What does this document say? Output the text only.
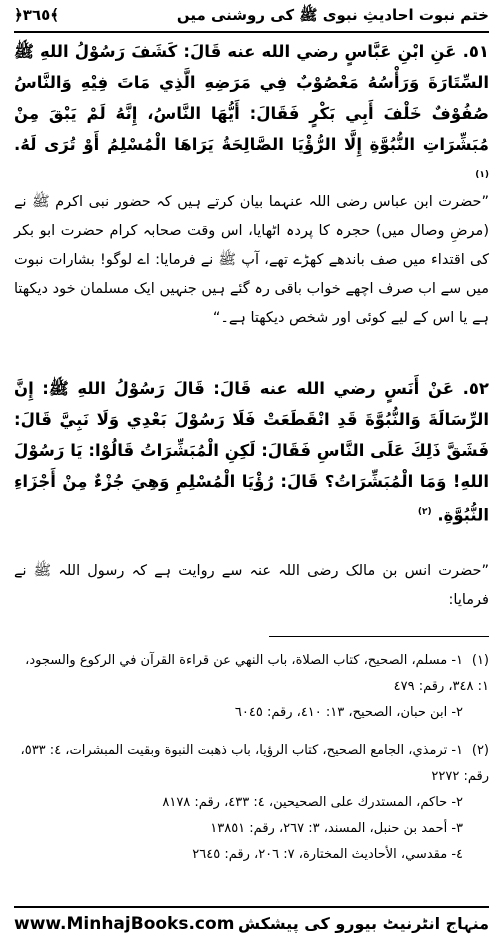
ختم نبوت احادیثِ نبوی ﷺ کی روشنی میں
﴿٣٦٥﴾
٥١. عَنِ ابْنِ عَبَّاسٍ رضي الله عنه قَالَ: كَشَفَ رَسُوْلُ اللهِ ﷺ السِّتَارَةَ وَرَأْسُهُ مَعْصُوْبٌ فِي مَرَضِهِ الَّذِي مَاتَ فِيْهِ وَالنَّاسُ صُفُوْفٌ خَلْفَ أَبِي بَكْرٍ فَقَالَ: أَيُّهَا النَّاسُ، إِنَّهُ لَمْ يَبْقَ مِنْ مُبَشِّرَاتِ النُّبُوَّةِ إِلَّا الرُّؤْيَا الصَّالِحَةُ يَرَاهَا الْمُسْلِمُ أَوْ تُرَى لَهُ. $^{(١)}$
”حضرت ابن عباس رضی اللہ عنہما بیان کرتے ہیں کہ حضور نبی اکرم ﷺ نے (مرضِ وصال میں) حجرہ کا پردہ اٹھایا، اس وقت صحابہ کرام حضرت ابو بکر کی اقتداء میں صف باندھے کھڑے تھے، آپ ﷺ نے فرمایا: اے لوگو! بشارات نبوت میں سے اب صرف اچھے خواب باقی رہ گئے ہیں جنہیں ایک مسلمان خود دیکھتا ہے یا اس کے لیے کوئی اور شخص دیکھتا ہے۔“
٥٢. عَنْ أَنَسٍ رضي الله عنه قَالَ: قَالَ رَسُوْلُ اللهِ ﷺ: إِنَّ الرِّسَالَةَ وَالنُّبُوَّةَ قَدِ انْقَطَعَتْ فَلَا رَسُوْلَ بَعْدِي وَلَا نَبِيَّ قَالَ: فَشَقَّ ذَلِكَ عَلَى النَّاسِ فَقَالَ: لَكِنِ الْمُبَشِّرَاتُ قَالُوْا: يَا رَسُوْلَ اللهِ! وَمَا الْمُبَشِّرَاتُ؟ قَالَ: رُؤْيَا الْمُسْلِمِ وَهِيَ جُزْءٌ مِنْ أَجْزَاءِ النُّبُوَّةِ. $^{(٢)}$
”حضرت انس بن مالک رضی اللہ عنہ سے روایت ہے کہ رسول اللہ ﷺ نے فرمایا:
(١)١- مسلم، الصحيح، كتاب الصلاة، باب النهي عن قراءة القرآن في الركوع والسجود، ١: ٣٤٨، رقم: ٤٧٩
٢- ابن حبان، الصحيح، ١٣: ٤١٠، رقم: ٦٠٤٥
(٢)١- ترمذي، الجامع الصحيح، كتاب الرؤيا، باب ذهبت النبوة وبقيت المبشرات، ٤: ٥٣٣، رقم: ٢٢٧٢
٢- حاكم، المستدرك على الصحيحين، ٤: ٤٣٣، رقم: ٨١٧٨
٣- أحمد بن حنبل، المسند، ٣: ٢٦٧، رقم: ١٣٨٥١
٤- مقدسي، الأحاديث المختارة، ٧: ٢٠٦، رقم: ٢٦٤٥
www.MinhajBooks.com منہاج انٹرنیٹ بیورو کی پیشکش
